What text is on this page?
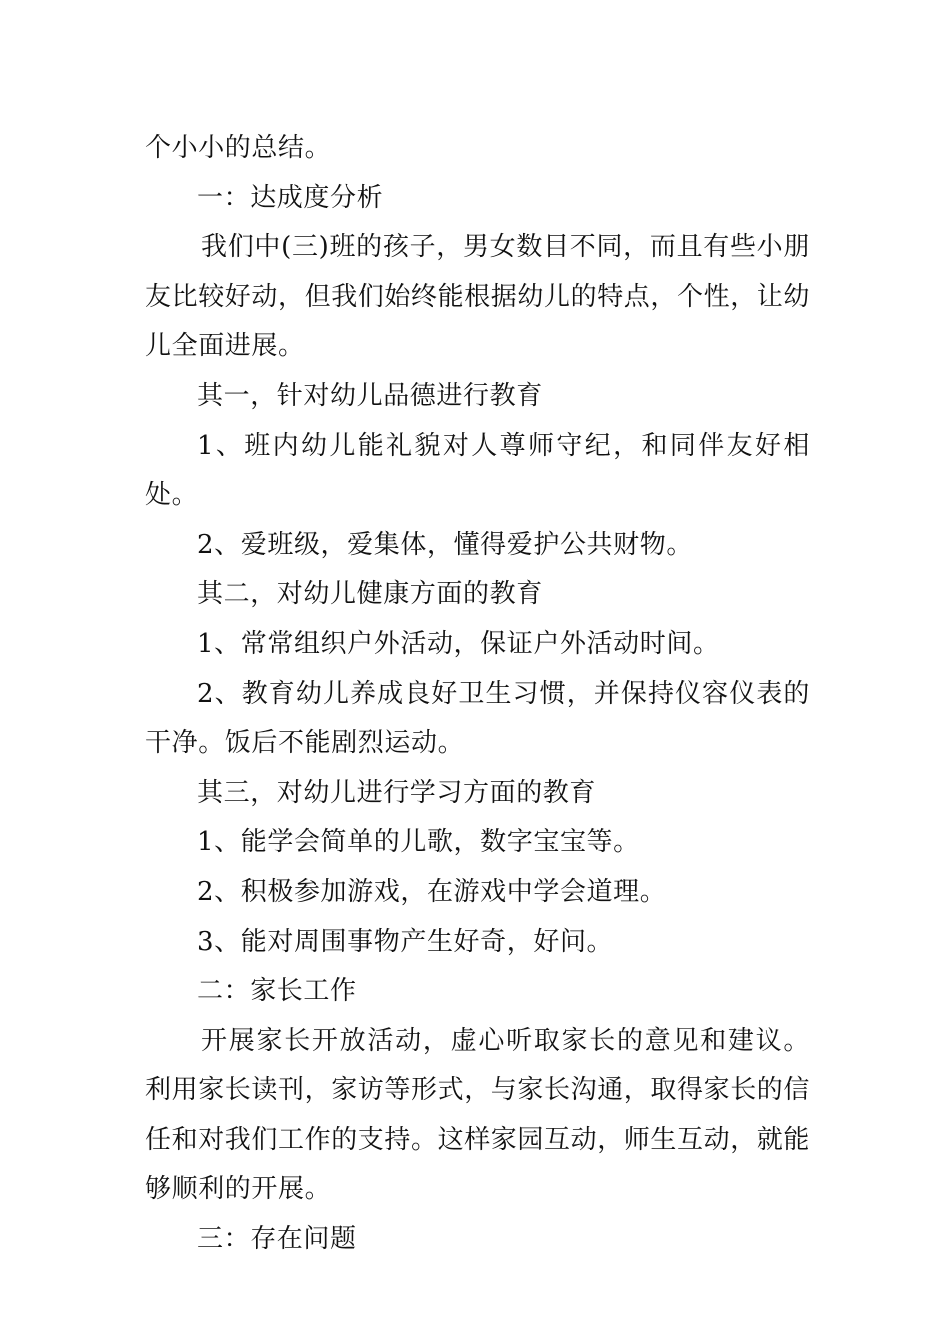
个小小的总结。

一：达成度分析

我们中(三)班的孩子，男女数目不同，而且有些小朋友比较好动，但我们始终能根据幼儿的特点，个性，让幼儿全面进展。

其一，针对幼儿品德进行教育

1、班内幼儿能礼貌对人尊师守纪，和同伴友好相处。

2、爱班级，爱集体，懂得爱护公共财物。

其二，对幼儿健康方面的教育

1、常常组织户外活动，保证户外活动时间。

2、教育幼儿养成良好卫生习惯，并保持仪容仪表的干净。饭后不能剧烈运动。

其三，对幼儿进行学习方面的教育

1、能学会简单的儿歌，数字宝宝等。

2、积极参加游戏，在游戏中学会道理。

3、能对周围事物产生好奇，好问。

二：家长工作

开展家长开放活动，虚心听取家长的意见和建议。利用家长读刊，家访等形式，与家长沟通，取得家长的信任和对我们工作的支持。这样家园互动，师生互动，就能够顺利的开展。

三：存在问题
